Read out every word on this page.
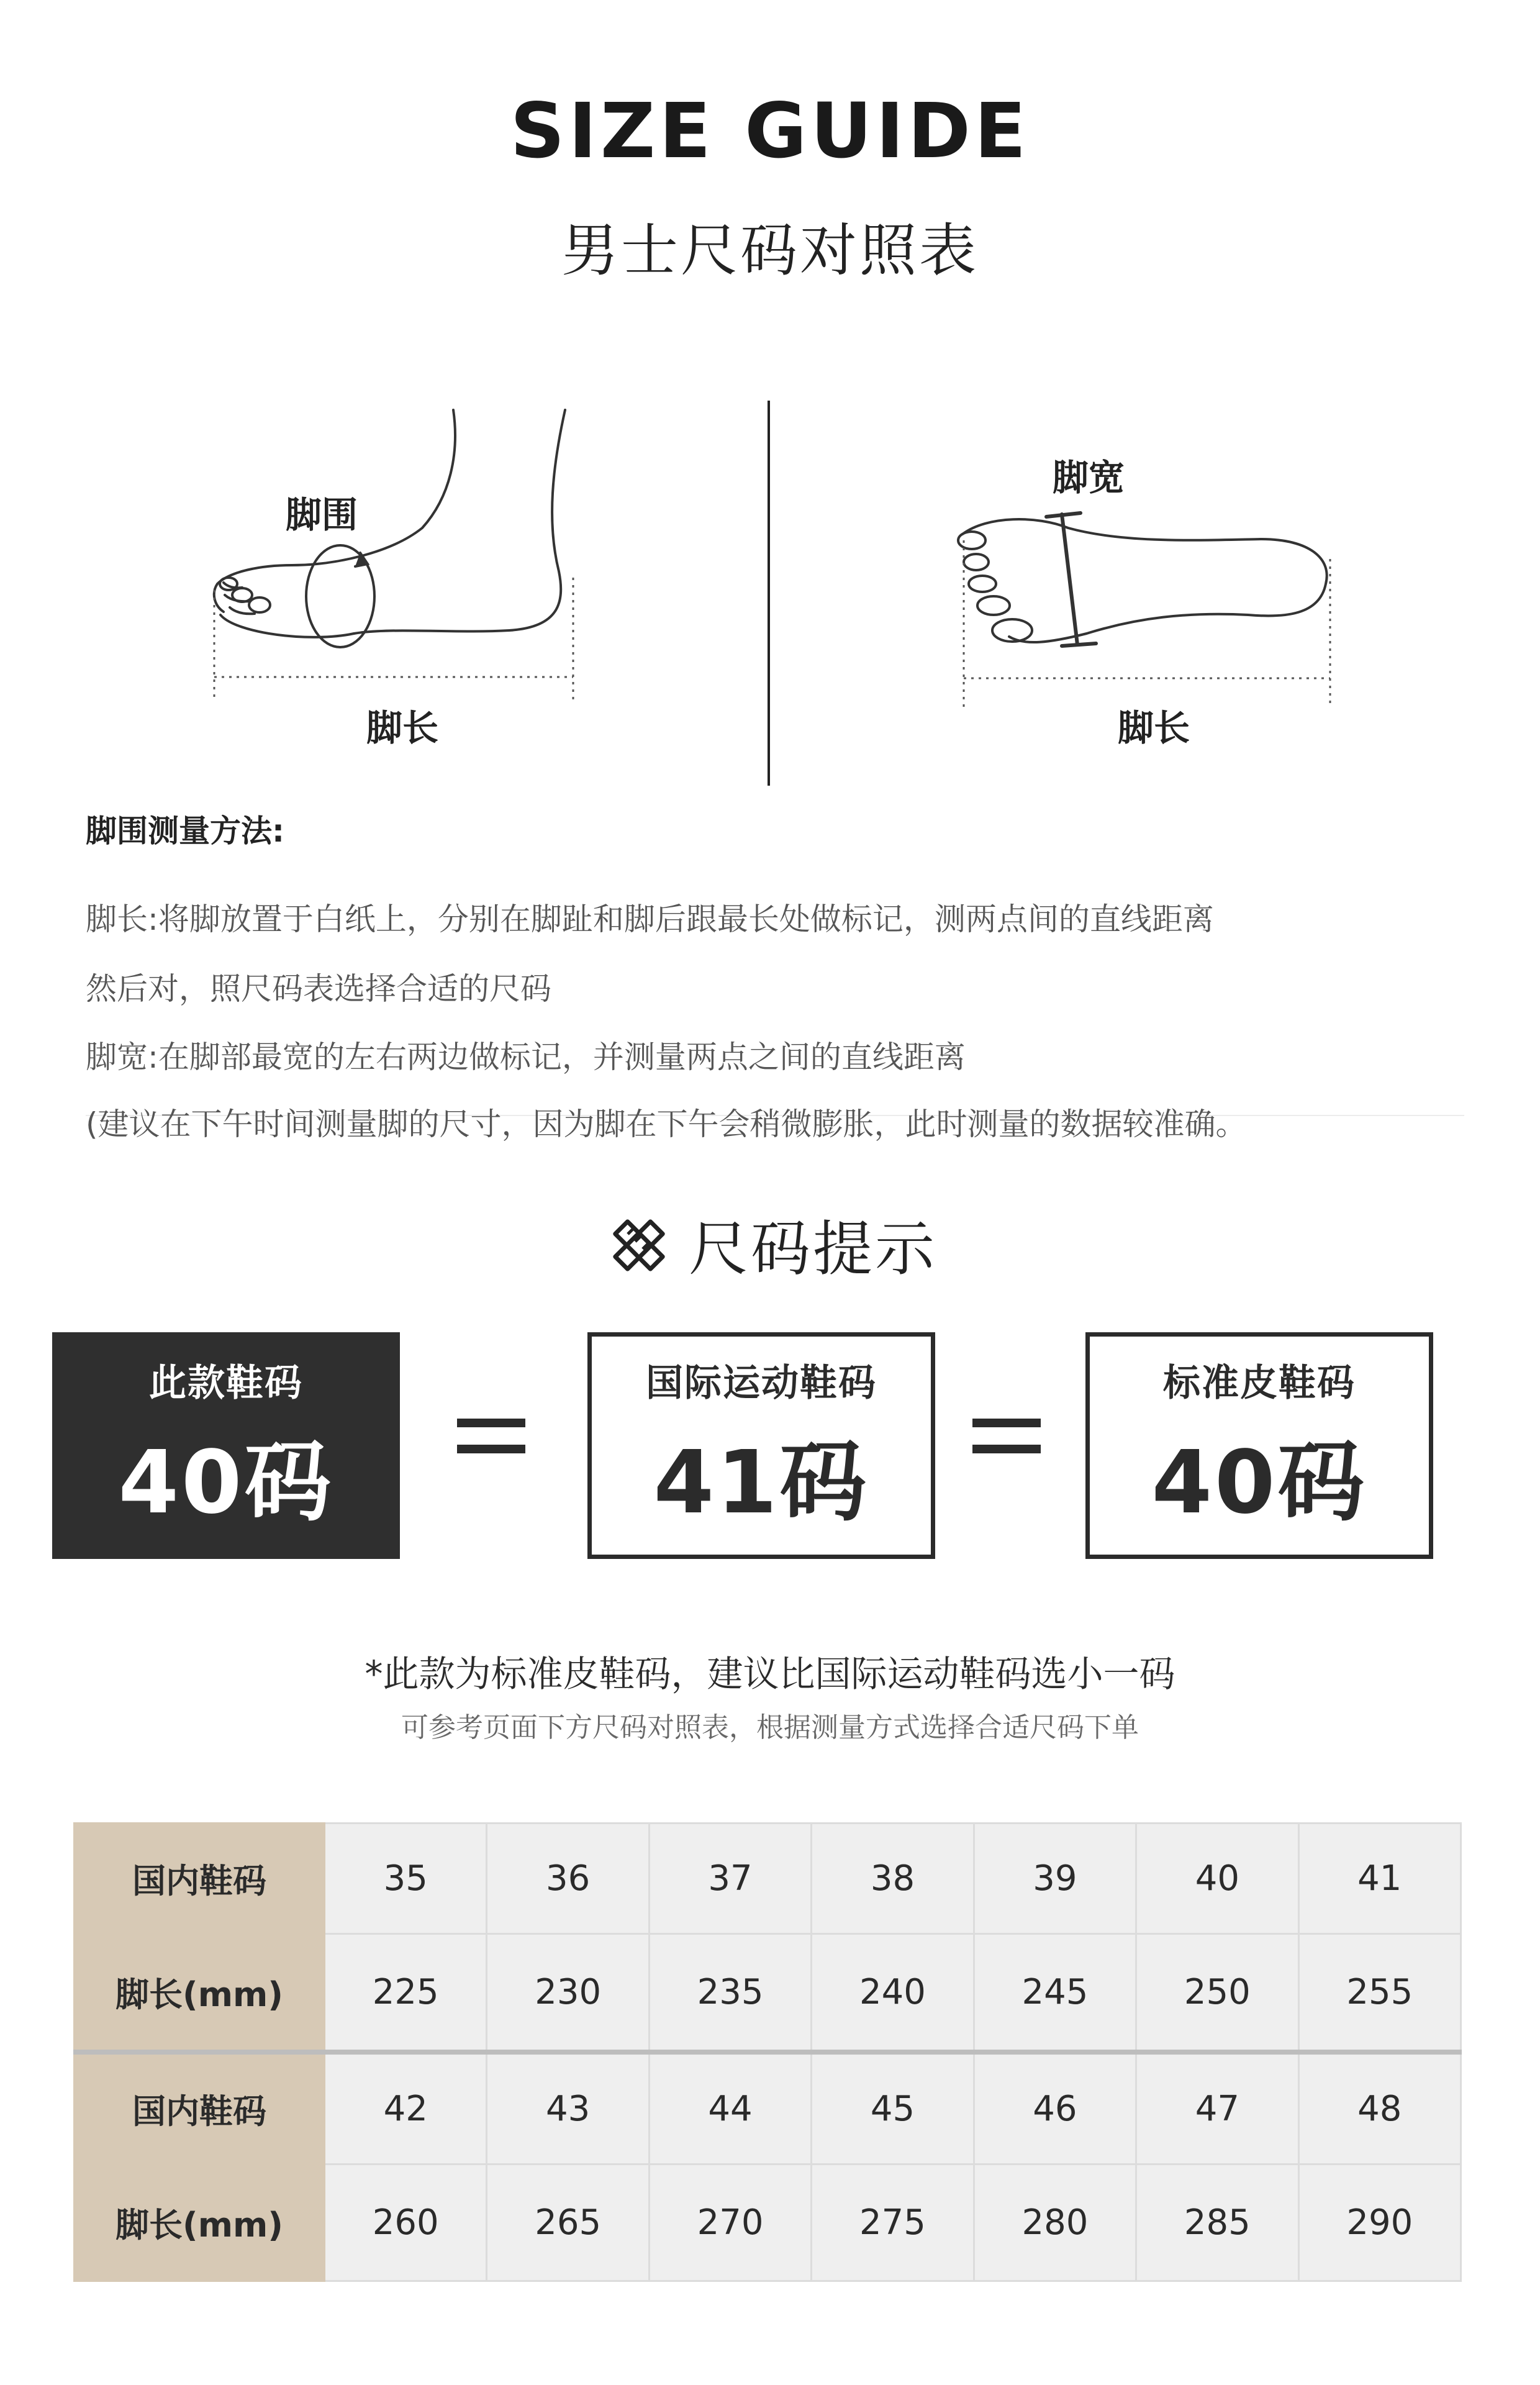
SIZE GUIDE
男士尺码对照表
脚围
脚长
脚宽
脚长
脚围测量方法:
脚长:将脚放置于白纸上，分别在脚趾和脚后跟最长处做标记，测两点间的直线距离
然后对，照尺码表选择合适的尺码
脚宽:在脚部最宽的左右两边做标记，并测量两点之间的直线距离
(建议在下午时间测量脚的尺寸，因为脚在下午会稍微膨胀，此时测量的数据较准确。
尺码提示
此款鞋码
40码
国际运动鞋码
41码
标准皮鞋码
40码
*此款为标准皮鞋码，建议比国际运动鞋码选小一码
可参考页面下方尺码对照表，根据测量方式选择合适尺码下单
国内鞋码	35	36	37	38	39	40	41
脚长(mm)	225	230	235	240	245	250	255
国内鞋码	42	43	44	45	46	47	48
脚长(mm)	260	265	270	275	280	285	290
